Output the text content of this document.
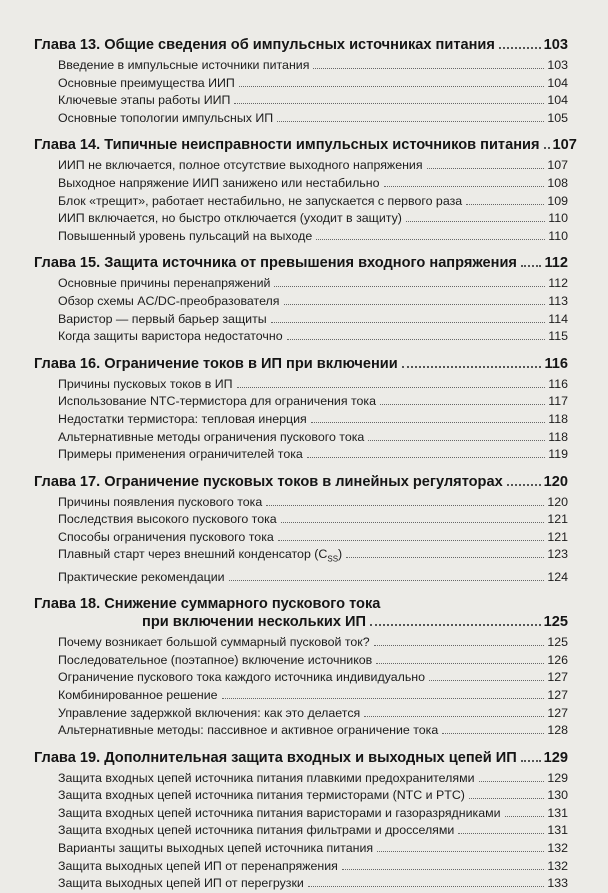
Глава 13. Общие сведения об импульсных источниках питания	103
Введение в импульсные источники питания	103
Основные преимущества ИИП	104
Ключевые этапы работы ИИП	104
Основные топологии импульсных ИП	105
Глава 14. Типичные неисправности импульсных источников питания 107
ИИП не включается, полное отсутствие выходного напряжения	107
Выходное напряжение ИИП занижено или нестабильно	108
Блок «трещит», работает нестабильно, не запускается с первого раза	109
ИИП включается, но быстро отключается (уходит в защиту)	110
Повышенный уровень пульсаций на выходе	110
Глава 15. Защита источника от превышения входного напряжения 112
Основные причины перенапряжений	112
Обзор схемы AC/DC-преобразователя	113
Варистор — первый барьер защиты	114
Когда защиты варистора недостаточно	115
Глава 16. Ограничение токов в ИП при включении	116
Причины пусковых токов в ИП	116
Использование NTC-термистора для ограничения тока	117
Недостатки термистора: тепловая инерция	118
Альтернативные методы ограничения пускового тока	118
Примеры применения ограничителей тока	119
Глава 17. Ограничение пусковых токов в линейных регуляторах	120
Причины появления пускового тока	120
Последствия высокого пускового тока	121
Способы ограничения пускового тока	121
Плавный старт через внешний конденсатор $(C_{SS})$	123
Практические рекомендации	124
Глава 18. Снижение суммарного пускового тока
при включении нескольких ИП	125
Почему возникает большой суммарный пусковой ток?	125
Последовательное (поэтапное) включение источников	126
Ограничение пускового тока каждого источника индивидуально	127
Комбинированное решение	127
Управление задержкой включения: как это делается	127
Альтернативные методы: пассивное и активное ограничение тока	128
Глава 19. Дополнительная защита входных и выходных цепей ИП 129
Защита входных цепей источника питания плавкими предохранителями	129
Защита входных цепей источника питания термисторами (NTC и PTC)	130
Защита входных цепей источника питания варисторами и газоразрядниками	131
Защита входных цепей источника питания фильтрами и дросселями	131
Варианты защиты выходных цепей источника питания	132
Защита выходных цепей ИП от перенапряжения	132
Защита выходных цепей ИП от перегрузки	133
